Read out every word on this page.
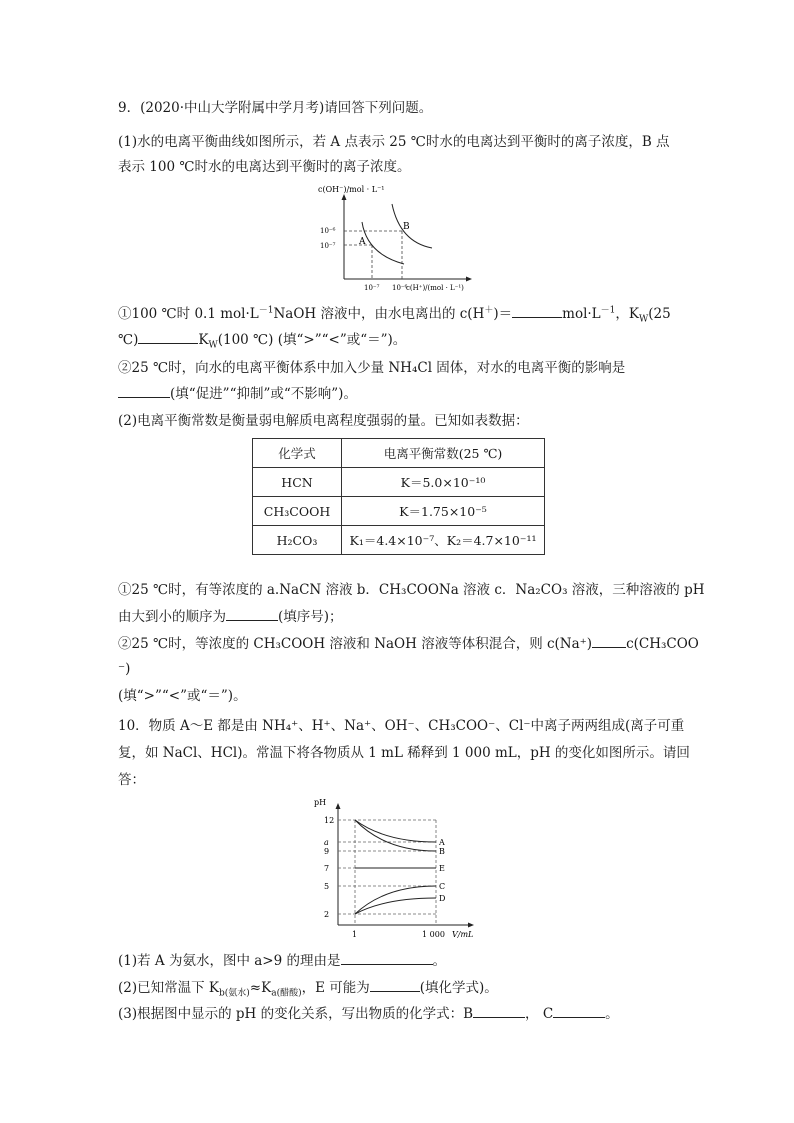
9．(2020·中山大学附属中学月考)请回答下列问题。
(1)水的电离平衡曲线如图所示，若 A 点表示 25 ℃时水的电离达到平衡时的离子浓度，B 点
表示 100 ℃时水的电离达到平衡时的离子浓度。
c(OH⁻)/mol · L⁻¹
A
B
10⁻⁶
10⁻⁷
10⁻⁷ 10⁻⁶
c(H⁺)/(mol · L⁻¹)
①100 ℃时 0.1 $mol\cdot L^{-1}NaOH$ 溶液中，由水电离出的 c(H＋)＝	$mol\cdot L^{-1}$，$K_W(25$
℃)	$K_W(100$ ℃) (填“>”“<”或“＝”)。
②25 ℃时，向水的电离平衡体系中加入少量 NH₄Cl 固体，对水的电离平衡的影响是
(填“促进”“抑制”或“不影响”)。
(2)电离平衡常数是衡量弱电解质电离程度强弱的量。已知如表数据：
化学式	电离平衡常数(25 ℃)
HCN	K＝5.0×10⁻¹⁰
CH₃COOH	K＝1.75×10⁻⁵
H₂CO₃	K₁＝4.4×10⁻⁷、K₂＝4.7×10⁻¹¹
①25 ℃时，有等浓度的 a.NaCN 溶液 b．CH₃COONa 溶液 c．Na₂CO₃ 溶液，三种溶液的 pH
由大到小的顺序为	(填序号)；
②25 ℃时，等浓度的 CH₃COOH 溶液和 NaOH 溶液等体积混合，则 c(Na⁺)	c(CH₃COO
⁻)
(填“>”“<”或“＝”)。
10．物质 A～E 都是由 NH₄⁺、H⁺、Na⁺、OH⁻、CH₃COO⁻、Cl⁻中离子两两组成(离子可重
复，如 NaCl、HCl)。常温下将各物质从 1 mL 稀释到 1 000 mL，pH 的变化如图所示。请回
答：
12
a
9
7
5
2
A
B
E
C
D
pH
1	1 000 V/mL
(1)若 A 为氨水，图中 a>9 的理由是	。
(2)已知常温下 $K_{b(氨水)}\approx K_{a(醋酸)}$，E 可能为	(填化学式)。
(3)根据图中显示的 pH 的变化关系，写出物质的化学式：B	， C	。
